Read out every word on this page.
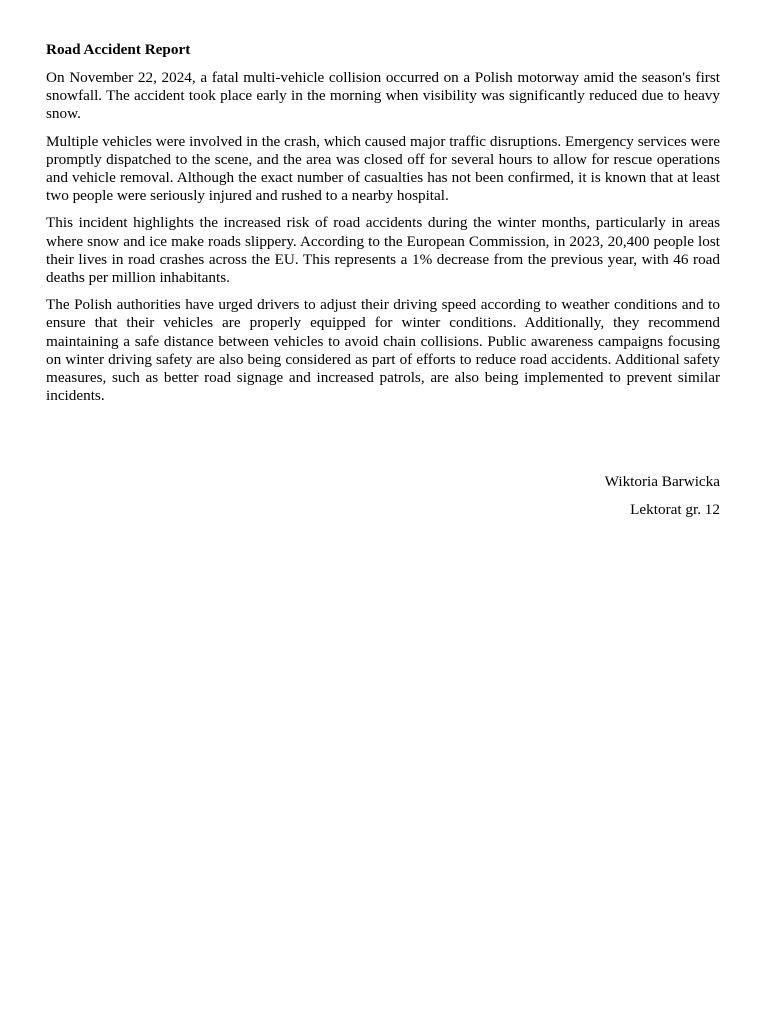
Road Accident Report

On November 22, 2024, a fatal multi-vehicle collision occurred on a Polish motorway amid the season's first snowfall. The accident took place early in the morning when visibility was significantly reduced due to heavy snow.

Multiple vehicles were involved in the crash, which caused major traffic disruptions. Emergency services were promptly dispatched to the scene, and the area was closed off for several hours to allow for rescue operations and vehicle removal. Although the exact number of casualties has not been confirmed, it is known that at least two people were seriously injured and rushed to a nearby hospital.

This incident highlights the increased risk of road accidents during the winter months, particularly in areas where snow and ice make roads slippery. According to the European Commission, in 2023, 20,400 people lost their lives in road crashes across the EU. This represents a 1% decrease from the previous year, with 46 road deaths per million inhabitants.

The Polish authorities have urged drivers to adjust their driving speed according to weather conditions and to ensure that their vehicles are properly equipped for winter conditions. Additionally, they recommend maintaining a safe distance between vehicles to avoid chain collisions. Public awareness campaigns focusing on winter driving safety are also being considered as part of efforts to reduce road accidents. Additional safety measures, such as better road signage and increased patrols, are also being implemented to prevent similar incidents.

Wiktoria Barwicka
Lektorat gr. 12
